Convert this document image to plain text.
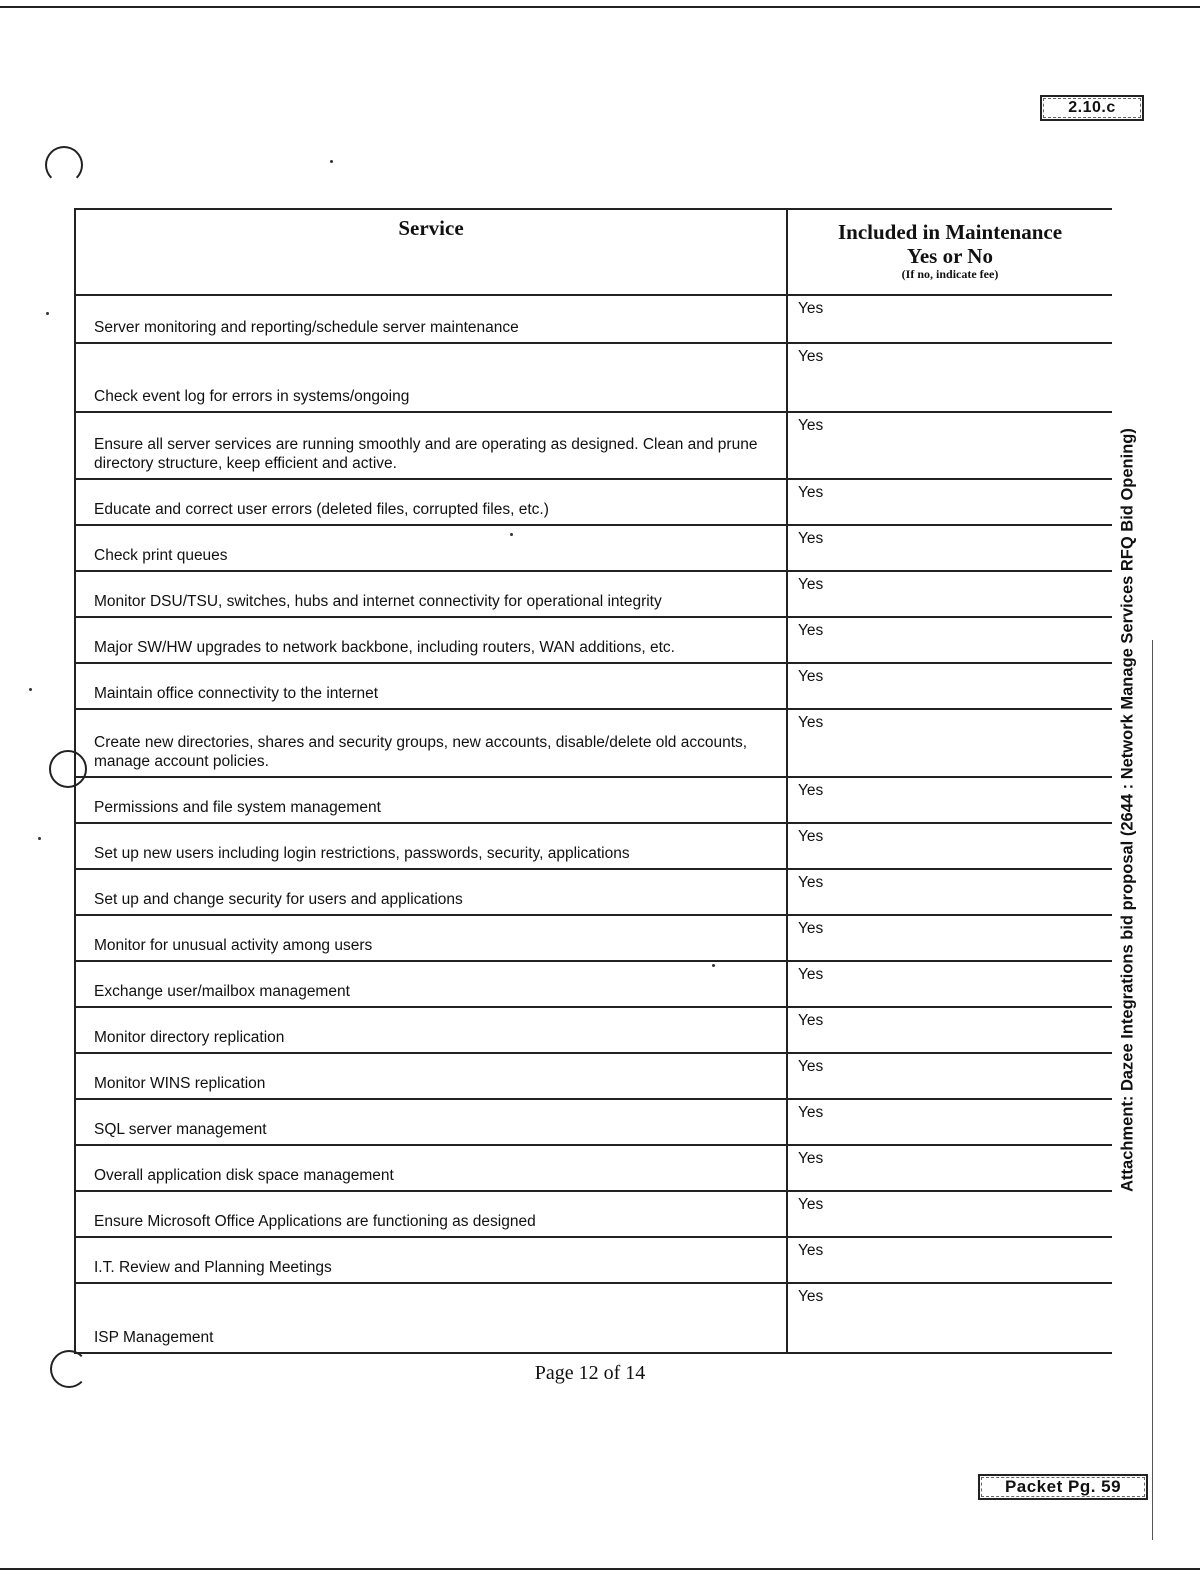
2.10.c
Attachment: Dazee Integrations bid proposal (2644 : Network Manage Services RFQ Bid Opening)
Service	Included in Maintenance
Yes or No
(If no, indicate fee)

Server monitoring and reporting/schedule server maintenance	Yes
Check event log for errors in systems/ongoing	Yes
Ensure all server services are running smoothly and are operating as designed. Clean and prune directory structure, keep efficient and active.	Yes
Educate and correct user errors (deleted files, corrupted files, etc.)	Yes
Check print queues	Yes
Monitor DSU/TSU, switches, hubs and internet connectivity for operational integrity	Yes
Major SW/HW upgrades to network backbone, including routers, WAN additions, etc.	Yes
Maintain office connectivity to the internet	Yes
Create new directories, shares and security groups, new accounts, disable/delete old accounts, manage account policies.	Yes
Permissions and file system management	Yes
Set up new users including login restrictions, passwords, security, applications	Yes
Set up and change security for users and applications	Yes
Monitor for unusual activity among users	Yes
Exchange user/mailbox management	Yes
Monitor directory replication	Yes
Monitor WINS replication	Yes
SQL server management	Yes
Overall application disk space management	Yes
Ensure Microsoft Office Applications are functioning as designed	Yes
I.T. Review and Planning Meetings	Yes
ISP Management	Yes
Page 12 of 14
Packet Pg. 59
